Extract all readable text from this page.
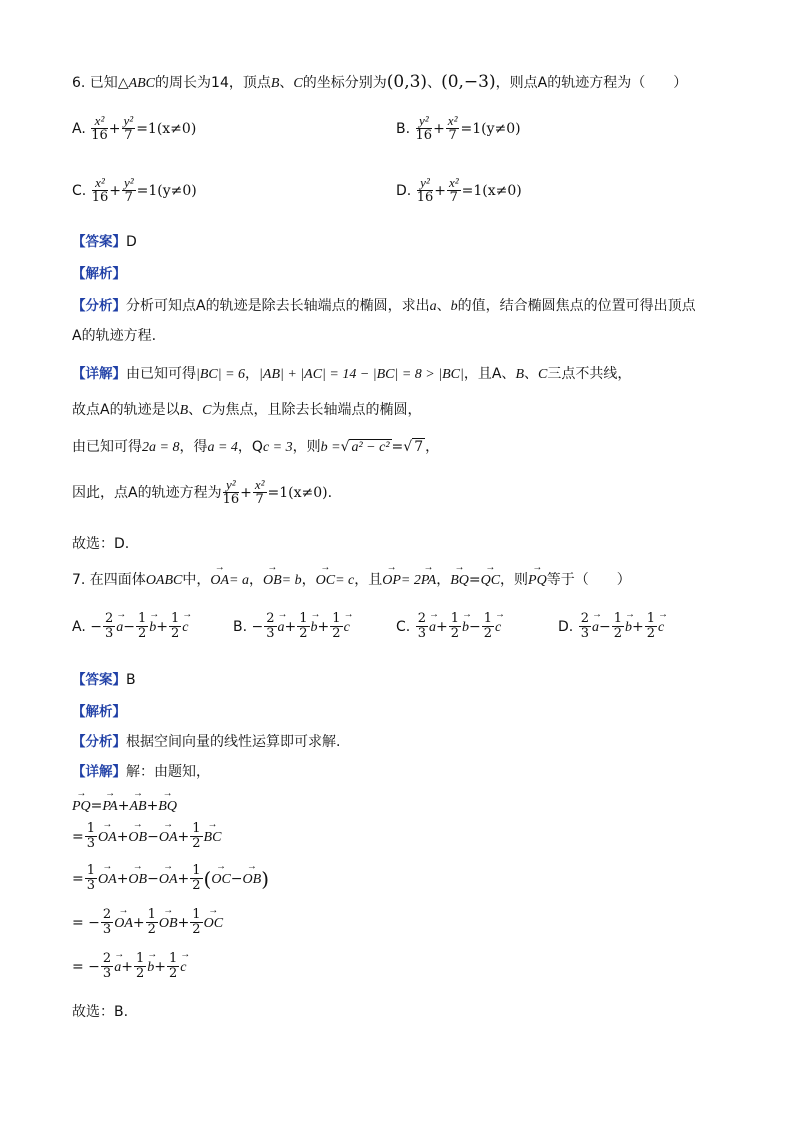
6. 已知△ABC的周长为14，顶点B、C的坐标分别为(0,3)、(0,−3)，则点A的轨迹方程为（　　）
A. $\frac{\text{x²}}{16} + \frac{\text{y²}}{7} =1(x\ne 0)$	B. $\frac{\text{y²}}{16} + \frac{\text{x²}}{7} =1(y\ne 0)$
C. $\frac{\text{x²}}{16} + \frac{\text{y²}}{7} =1(y\ne 0)$	D. $\frac{\text{y²}}{16} + \frac{\text{x²}}{7} =1(x\ne 0)$
【答案】D
【解析】
【分析】分析可知点A的轨迹是除去长轴端点的椭圆，求出a、b的值，结合椭圆焦点的位置可得出顶点
A的轨迹方程.
【详解】由已知可得|BC| = 6，|AB| + |AC| = 14 − |BC| = 8 > |BC|，且A、B、C三点不共线，
故点A的轨迹是以B、C为焦点，且除去长轴端点的椭圆，
由已知可得2a = 8，得a = 4，Qc = 3，则b =√ a² − c² =√ 7 ，
因此，点A的轨迹方程为 $\frac{\text{y²}}{16} + \frac{\text{x²}}{7} =1(x\ne 0)$.
故选：D.
7. 在四面体OABC中，→ OA= a，→ OB= b，→ OC= c，且→ OP= 2→ PA，→ BQ=→ QC，则→ PQ等于（　　）
A. − $\frac{2}{3}$
→ $a- \frac{1}{2}$
→ $b+ \frac{1}{2}$
→ c	B. − $\frac{2}{3}$
→ $a+ \frac{1}{2}$
→ $b+ \frac{1}{2}$
→ c	C. $\frac{2}{3}$
→ $a+ \frac{1}{2}$
→ $b- \frac{1}{2}$
→ c	D. $\frac{2}{3}$
→ $a- \frac{1}{2}$
→ $b+ \frac{1}{2}$
→ c
【答案】B
【解析】
【分析】根据空间向量的线性运算即可求解.
【详解】解：由题知，
→ PQ=→ PA+→ AB+→ BQ
= $\frac{1}{3}$
→ $OA+\to OB-\to OA+ \frac{1}{2}$
→ BC
= $\frac{1}{3}$
→ $OA+\to OB-\to OA+ \frac{1}{2}$ (→ OC−→ OB)
= − $\frac{2}{3}$
→ $OA+ \frac{1}{2}$
→ $OB+ \frac{1}{2}$
→ OC
= − $\frac{2}{3}$
→ $a+ \frac{1}{2}$
→ $b+ \frac{1}{2}$
→ c
故选：B.
